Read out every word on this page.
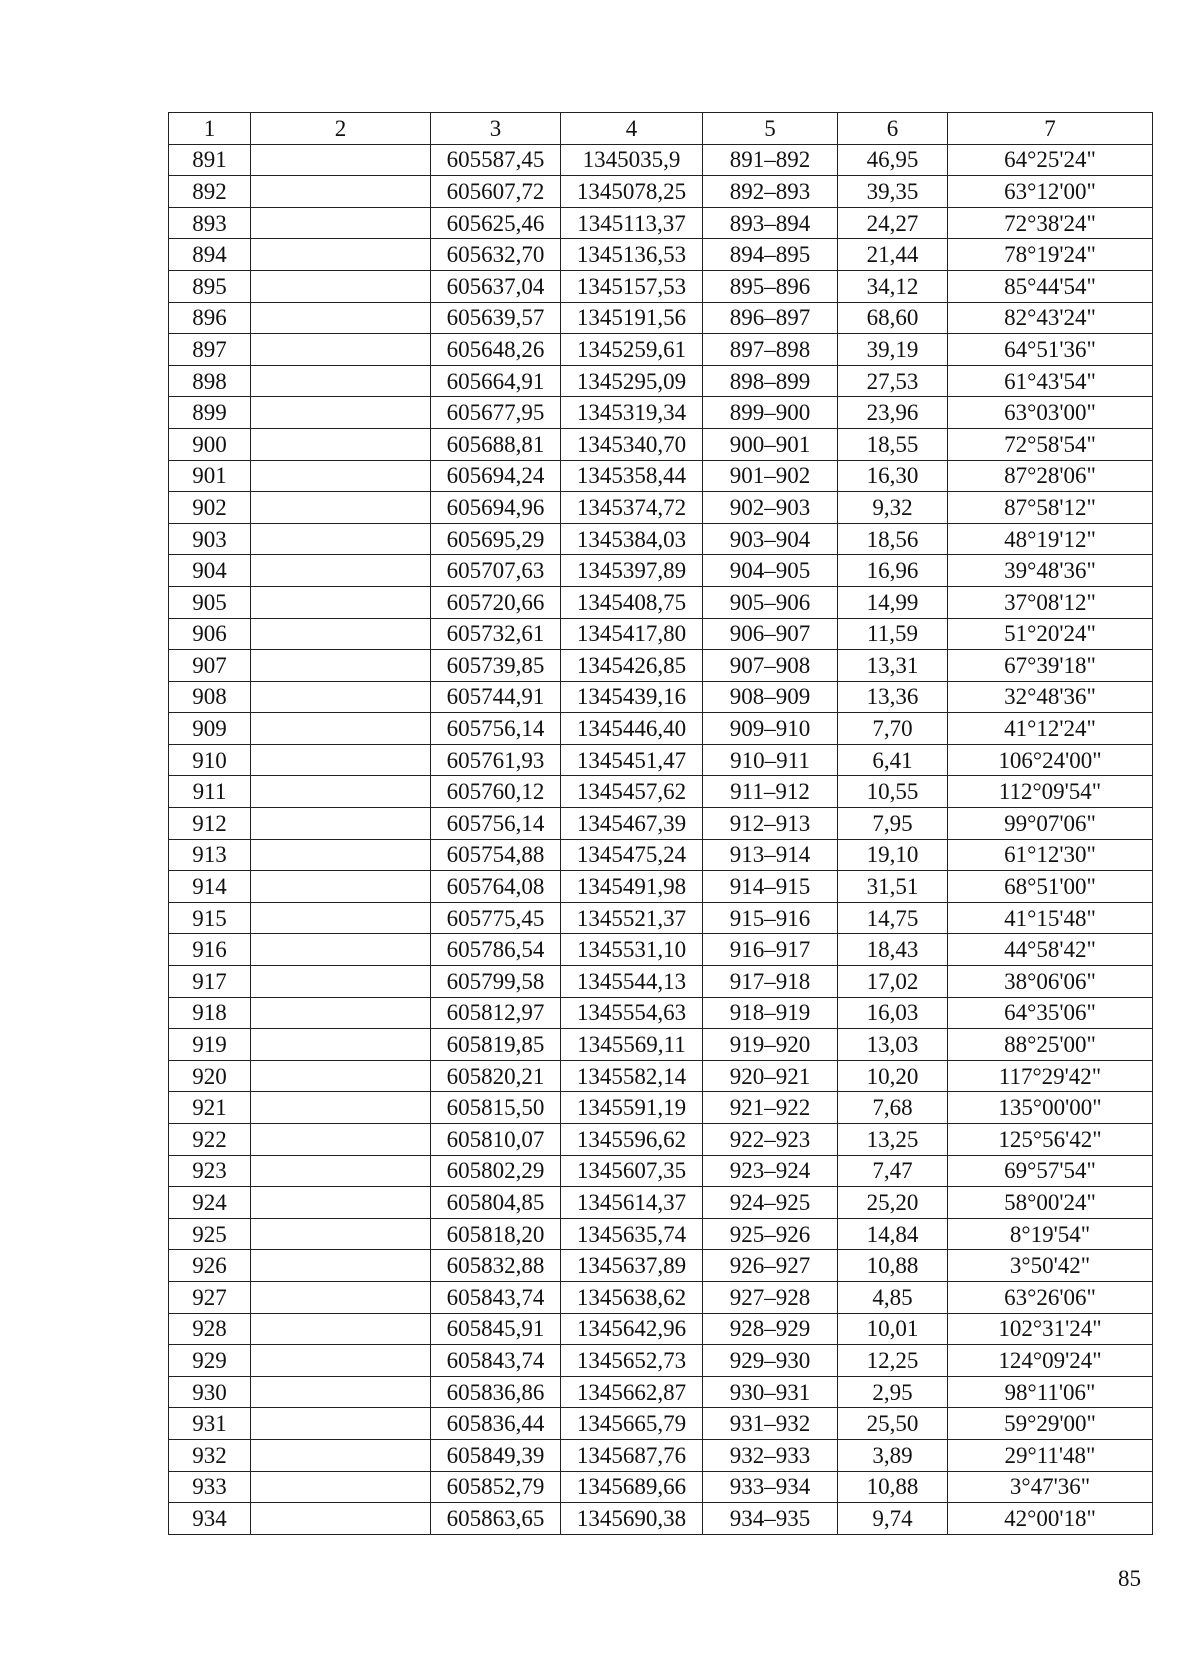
1	2	3	4	5	6	7
891		605587,45	1345035,9	891–892	46,95	64°25'24"
892		605607,72	1345078,25	892–893	39,35	63°12'00"
893		605625,46	1345113,37	893–894	24,27	72°38'24"
894		605632,70	1345136,53	894–895	21,44	78°19'24"
895		605637,04	1345157,53	895–896	34,12	85°44'54"
896		605639,57	1345191,56	896–897	68,60	82°43'24"
897		605648,26	1345259,61	897–898	39,19	64°51'36"
898		605664,91	1345295,09	898–899	27,53	61°43'54"
899		605677,95	1345319,34	899–900	23,96	63°03'00"
900		605688,81	1345340,70	900–901	18,55	72°58'54"
901		605694,24	1345358,44	901–902	16,30	87°28'06"
902		605694,96	1345374,72	902–903	9,32	87°58'12"
903		605695,29	1345384,03	903–904	18,56	48°19'12"
904		605707,63	1345397,89	904–905	16,96	39°48'36"
905		605720,66	1345408,75	905–906	14,99	37°08'12"
906		605732,61	1345417,80	906–907	11,59	51°20'24"
907		605739,85	1345426,85	907–908	13,31	67°39'18"
908		605744,91	1345439,16	908–909	13,36	32°48'36"
909		605756,14	1345446,40	909–910	7,70	41°12'24"
910		605761,93	1345451,47	910–911	6,41	106°24'00"
911		605760,12	1345457,62	911–912	10,55	112°09'54"
912		605756,14	1345467,39	912–913	7,95	99°07'06"
913		605754,88	1345475,24	913–914	19,10	61°12'30"
914		605764,08	1345491,98	914–915	31,51	68°51'00"
915		605775,45	1345521,37	915–916	14,75	41°15'48"
916		605786,54	1345531,10	916–917	18,43	44°58'42"
917		605799,58	1345544,13	917–918	17,02	38°06'06"
918		605812,97	1345554,63	918–919	16,03	64°35'06"
919		605819,85	1345569,11	919–920	13,03	88°25'00"
920		605820,21	1345582,14	920–921	10,20	117°29'42"
921		605815,50	1345591,19	921–922	7,68	135°00'00"
922		605810,07	1345596,62	922–923	13,25	125°56'42"
923		605802,29	1345607,35	923–924	7,47	69°57'54"
924		605804,85	1345614,37	924–925	25,20	58°00'24"
925		605818,20	1345635,74	925–926	14,84	8°19'54"
926		605832,88	1345637,89	926–927	10,88	3°50'42"
927		605843,74	1345638,62	927–928	4,85	63°26'06"
928		605845,91	1345642,96	928–929	10,01	102°31'24"
929		605843,74	1345652,73	929–930	12,25	124°09'24"
930		605836,86	1345662,87	930–931	2,95	98°11'06"
931		605836,44	1345665,79	931–932	25,50	59°29'00"
932		605849,39	1345687,76	932–933	3,89	29°11'48"
933		605852,79	1345689,66	933–934	10,88	3°47'36"
934		605863,65	1345690,38	934–935	9,74	42°00'18"
85
